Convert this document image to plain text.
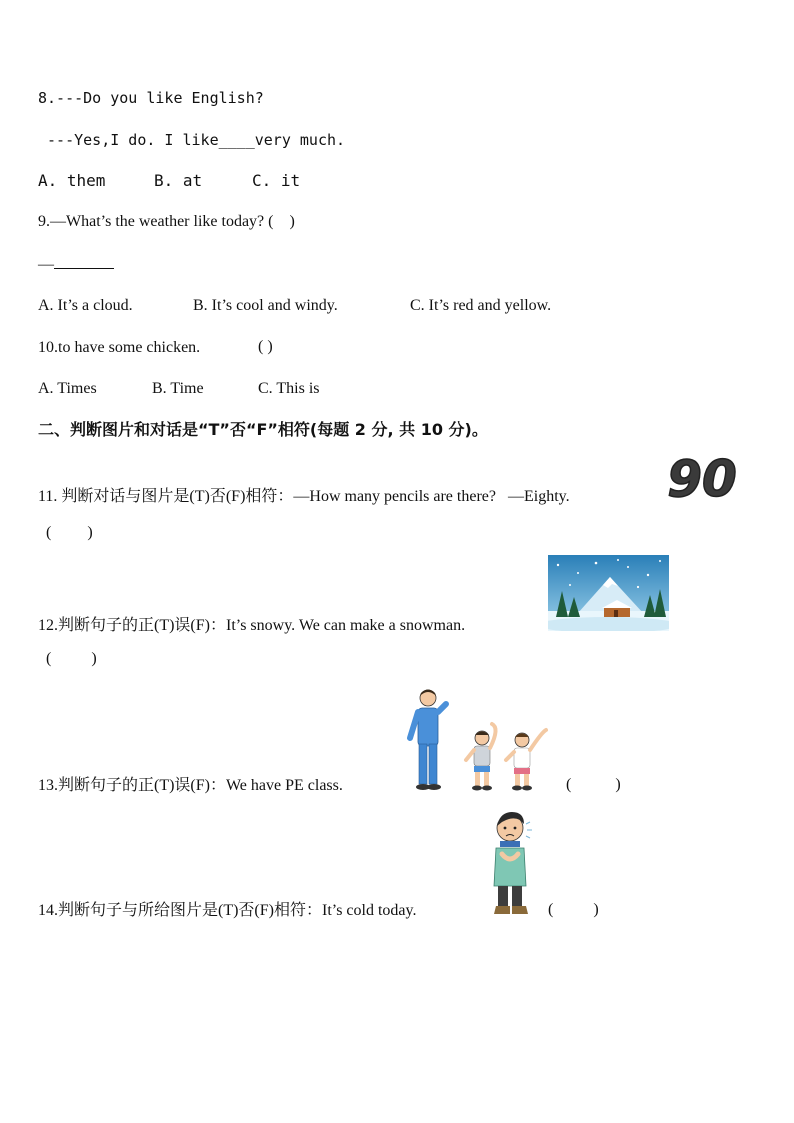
8.---Do you like English?
---Yes,I do. I like____very much.
A. them	B. at	C. it
9.—What’s the weather like today? (    )
—
A. It’s a cloud.	B. It’s cool and windy.	C. It’s red and yellow.
10.to have some chicken.	( )
A. Times	B. Time	C. This is
二、判断图片和对话是“T”否“F”相符(每题 2 分, 共 10 分)。
11. 判断对话与图片是(T)否(F)相符：—How many pencils are there?   —Eighty.
(         )
90
12.判断句子的正(T)误(F)：It’s snowy. We can make a snowman.
(          )
13.判断句子的正(T)误(F)：We have PE class.	(           )
14.判断句子与所给图片是(T)否(F)相符：It’s cold today.	(          )
